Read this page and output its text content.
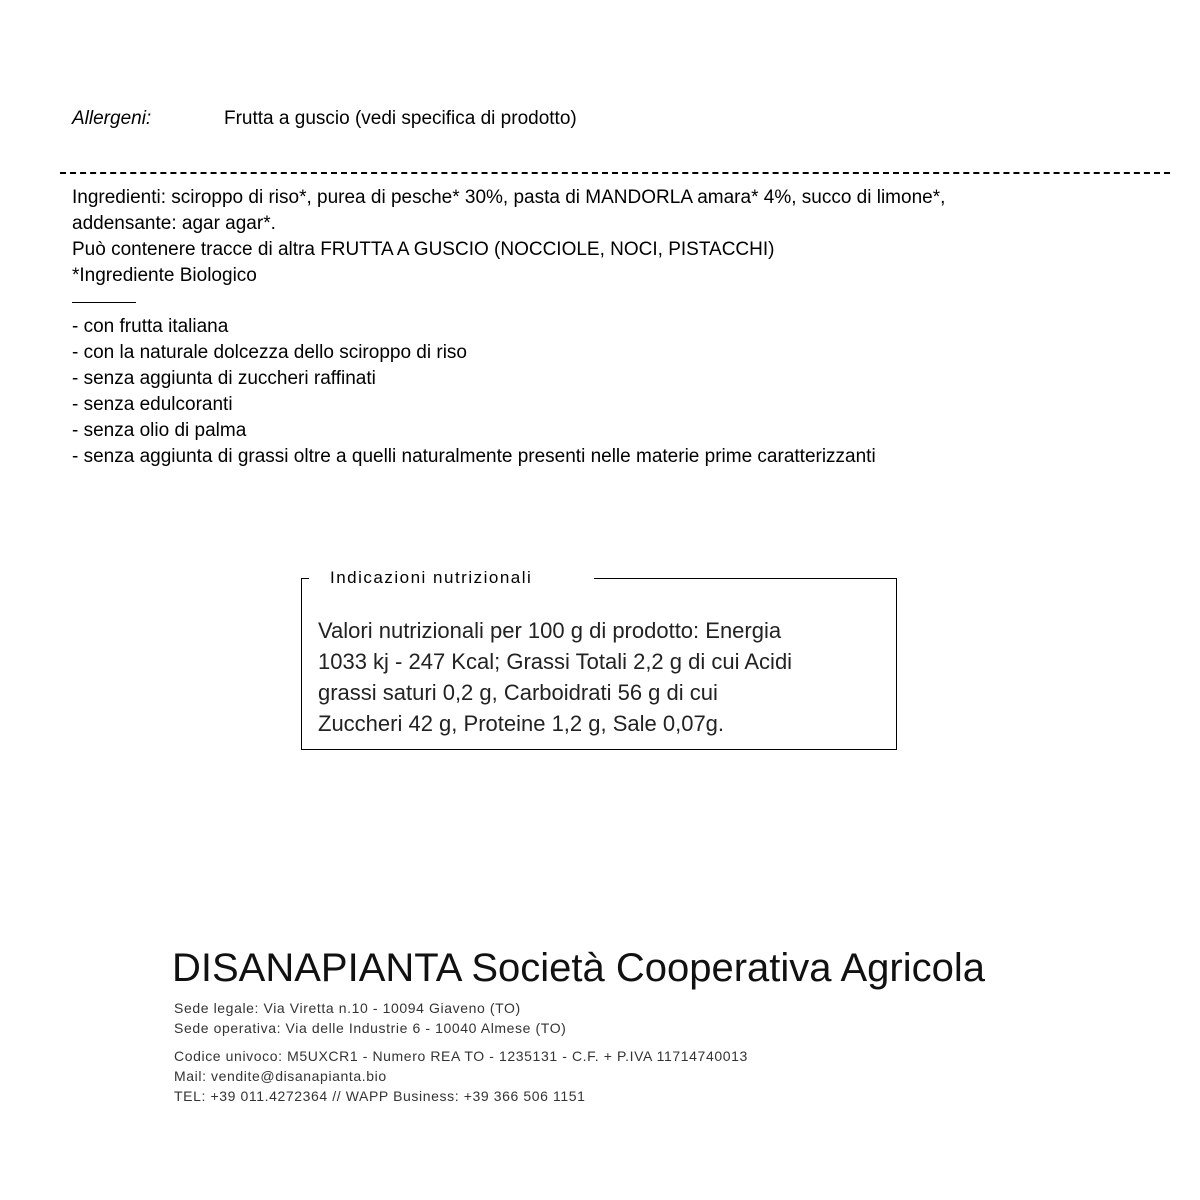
Allergeni:	Frutta a guscio (vedi specifica di prodotto)
Ingredienti: sciroppo di riso*, purea di pesche* 30%, pasta di MANDORLA amara* 4%, succo di limone*,
addensante: agar agar*.
Può contenere tracce di altra FRUTTA A GUSCIO (NOCCIOLE, NOCI, PISTACCHI)
*Ingrediente Biologico
- con frutta italiana
- con la naturale dolcezza dello sciroppo di riso
- senza aggiunta di zuccheri raffinati
- senza edulcoranti
- senza olio di palma
- senza aggiunta di grassi oltre a quelli naturalmente presenti nelle materie prime caratterizzanti
Indicazioni nutrizionali
Valori nutrizionali per 100 g di prodotto: Energia
1033 kj - 247 Kcal; Grassi Totali 2,2 g di cui Acidi
grassi saturi 0,2 g, Carboidrati 56 g di cui
Zuccheri 42 g, Proteine 1,2 g, Sale 0,07g.
DISANAPIANTA Società Cooperativa Agricola
Sede legale: Via Viretta n.10 - 10094 Giaveno (TO)
Sede operativa: Via delle Industrie 6 - 10040 Almese (TO)
Codice univoco: M5UXCR1 - Numero REA TO - 1235131 - C.F. + P.IVA 11714740013
Mail: vendite@disanapianta.bio
TEL: +39 011.4272364 // WAPP Business: +39 366 506 1151
